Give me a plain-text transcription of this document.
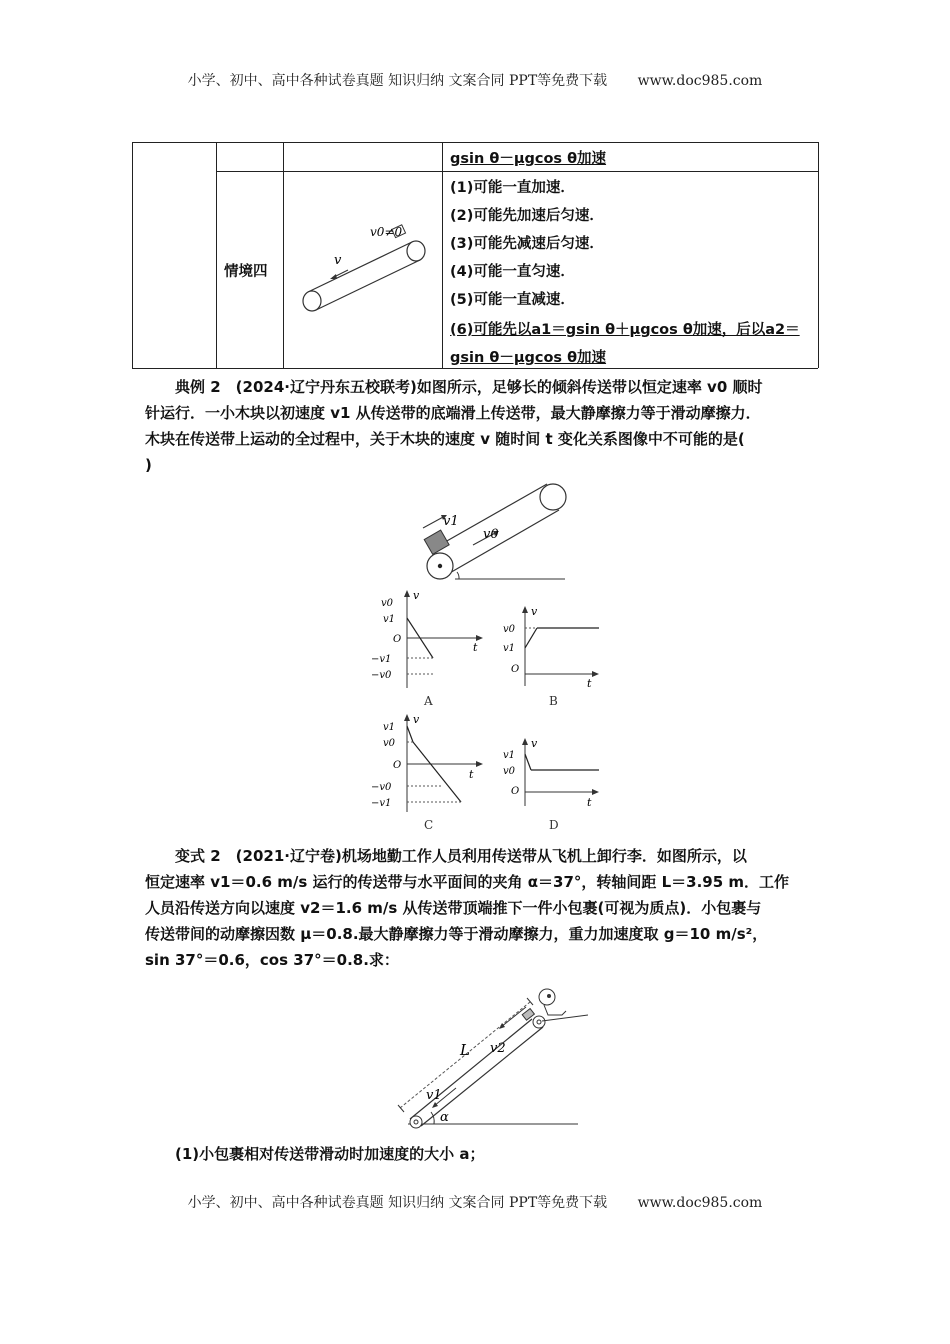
小学、初中、高中各种试卷真题 知识归纳 文案合同 PPT等免费下载 www.doc985.com
gsin θ－μgcos θ加速
情境四
v0≠0
v
(1)可能一直加速．
(2)可能先加速后匀速．
(3)可能先减速后匀速．
(4)可能一直匀速．
(5)可能一直减速．
(6)可能先以a1＝gsin θ＋μgcos θ加速，后以a2＝
gsin θ－μgcos θ加速

典例 2　(2024·辽宁丹东五校联考)如图所示，足够长的倾斜传送带以恒定速率 v0 顺时

针运行．一小木块以初速度 v1 从传送带的底端滑上传送带，最大静摩擦力等于滑动摩擦力．

木块在传送带上运动的全过程中，关于木块的速度 v 随时间 t 变化关系图像中不可能的是(

)

v1
v0
v
t
v0
v1
O
−v1
−v0
A
v
t
v0
v1
O
B
v
t
v1
v0
O
−v0
−v1
C
v
t
v1
v0
O
D

变式 2　(2021·辽宁卷)机场地勤工作人员利用传送带从飞机上卸行李．如图所示，以

恒定速率 v1＝0.6 m/s 运行的传送带与水平面间的夹角 α＝37°，转轴间距 L＝3.95 m．工作

人员沿传送方向以速度 v2＝1.6 m/s 从传送带顶端推下一件小包裹(可视为质点)．小包裹与

传送带间的动摩擦因数 μ＝0.8.最大静摩擦力等于滑动摩擦力，重力加速度取 g＝10 m/s²，

sin 37°＝0.6，cos 37°＝0.8.求：

L v2
v1
α

(1)小包裹相对传送带滑动时加速度的大小 a；

小学、初中、高中各种试卷真题 知识归纳 文案合同 PPT等免费下载 www.doc985.com
